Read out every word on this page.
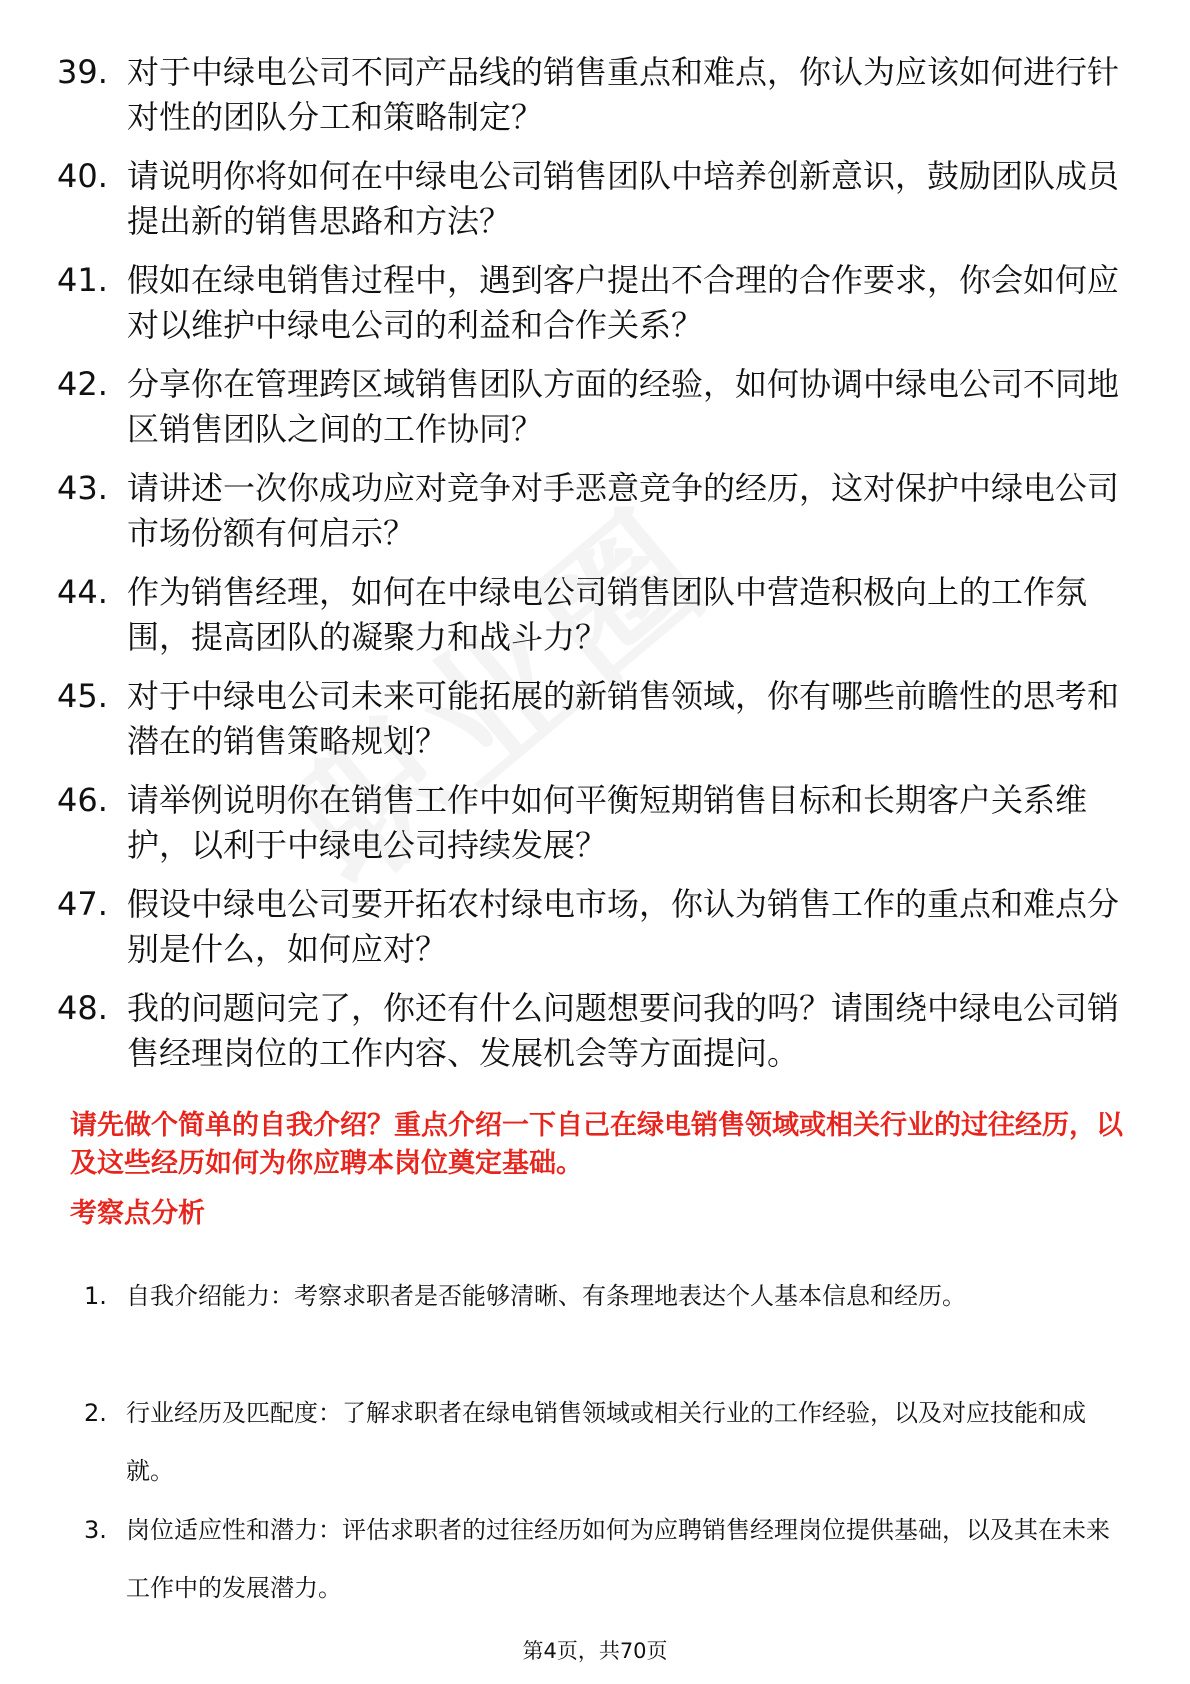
39. 对于中绿电公司不同产品线的销售重点和难点，你认为应该如何进行针对性的团队分工和策略制定？
40. 请说明你将如何在中绿电公司销售团队中培养创新意识，鼓励团队成员提出新的销售思路和方法？
41. 假如在绿电销售过程中，遇到客户提出不合理的合作要求，你会如何应对以维护中绿电公司的利益和合作关系？
42. 分享你在管理跨区域销售团队方面的经验，如何协调中绿电公司不同地区销售团队之间的工作协同？
43. 请讲述一次你成功应对竞争对手恶意竞争的经历，这对保护中绿电公司市场份额有何启示？
44. 作为销售经理，如何在中绿电公司销售团队中营造积极向上的工作氛围，提高团队的凝聚力和战斗力？
45. 对于中绿电公司未来可能拓展的新销售领域，你有哪些前瞻性的思考和潜在的销售策略规划？
46. 请举例说明你在销售工作中如何平衡短期销售目标和长期客户关系维护，以利于中绿电公司持续发展？
47. 假设中绿电公司要开拓农村绿电市场，你认为销售工作的重点和难点分别是什么，如何应对？
48. 我的问题问完了，你还有什么问题想要问我的吗？请围绕中绿电公司销售经理岗位的工作内容、发展机会等方面提问。
请先做个简单的自我介绍？重点介绍一下自己在绿电销售领域或相关行业的过往经历，以及这些经历如何为你应聘本岗位奠定基础。
考察点分析
1. 自我介绍能力：考察求职者是否能够清晰、有条理地表达个人基本信息和经历。
2. 行业经历及匹配度：了解求职者在绿电销售领域或相关行业的工作经验，以及对应技能和成就。
3. 岗位适应性和潜力：评估求职者的过往经历如何为应聘销售经理岗位提供基础，以及其在未来工作中的发展潜力。
第4页，共70页
